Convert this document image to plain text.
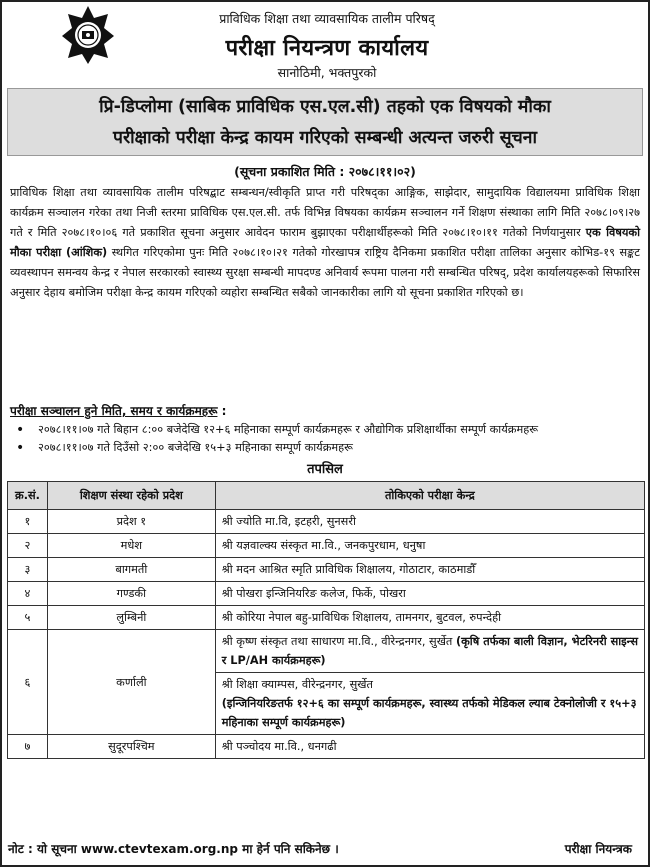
प्राविधिक शिक्षा तथा व्यावसायिक तालीम परिषद्
परीक्षा नियन्त्रण कार्यालय
सानोठिमी, भक्तपुरको
प्रि-डिप्लोमा (साबिक प्राविधिक एस.एल.सी) तहको एक विषयको मौका
परीक्षाको परीक्षा केन्द्र कायम गरिएको सम्बन्धी अत्यन्त जरुरी सूचना
(सूचना प्रकाशित मिति : २०७८।११।०२)
प्राविधिक शिक्षा तथा व्यावसायिक तालीम परिषद्बाट सम्बन्धन/स्वीकृति प्राप्त गरी परिषद्का आङ्गिक, साझेदार, सामुदायिक विद्यालयमा प्राविधिक शिक्षा कार्यक्रम सञ्चालन गरेका तथा निजी स्तरमा प्राविधिक एस.एल.सी. तर्फ विभिन्न विषयका कार्यक्रम सञ्चालन गर्ने शिक्षण संस्थाका लागि मिति २०७८।०९।२७ गते र मिति २०७८।१०।०६ गते प्रकाशित सूचना अनुसार आवेदन फाराम बुझाएका परीक्षार्थीहरूको मिति २०७८।१०।११ गतेको निर्णयानुसार एक विषयको मौका परीक्षा (आंशिक) स्थगित गरिएकोमा पुनः मिति २०७८।१०।२१ गतेको गोरखापत्र राष्ट्रिय दैनिकमा प्रकाशित परीक्षा तालिका अनुसार कोभिड-१९ सङ्कट व्यवस्थापन समन्वय केन्द्र र नेपाल सरकारको स्वास्थ्य सुरक्षा सम्बन्धी मापदण्ड अनिवार्य रूपमा पालना गरी सम्बन्धित परिषद्, प्रदेश कार्यालयहरूको सिफारिस अनुसार देहाय बमोजिम परीक्षा केन्द्र कायम गरिएको व्यहोरा सम्बन्धित सबैको जानकारीका लागि यो सूचना प्रकाशित गरिएको छ।
परीक्षा सञ्चालन हुने मिति, समय र कार्यक्रमहरू :
• २०७८।११।०७ गते बिहान ८:०० बजेदेखि १२+६ महिनाका सम्पूर्ण कार्यक्रमहरू र औद्योगिक प्रशिक्षार्थीका सम्पूर्ण कार्यक्रमहरू
• २०७८।११।०७ गते दिउँसो २:०० बजेदेखि १५+३ महिनाका सम्पूर्ण कार्यक्रमहरू
तपसिल
क्र.सं.	शिक्षण संस्था रहेको प्रदेश	तोकिएको परीक्षा केन्द्र
१	प्रदेश १	श्री ज्योति मा.वि, इटहरी, सुनसरी
२	मधेश	श्री यज्ञवाल्क्य संस्कृत मा.वि., जनकपुरधाम, धनुषा
३	बागमती	श्री मदन आश्रित स्मृति प्राविधिक शिक्षालय, गोठाटार, काठमाडौँ
४	गण्डकी	श्री पोखरा इन्जिनियरिङ कलेज, फिर्के, पोखरा
५	लुम्बिनी	श्री कोरिया नेपाल बहु-प्राविधिक शिक्षालय, तामनगर, बुटवल, रुपन्देही
६	कर्णाली	श्री कृष्ण संस्कृत तथा साधारण मा.वि., वीरेन्द्रनगर, सुर्खेत (कृषि तर्फका बाली विज्ञान, भेटरिनरी साइन्स र LP/AH कार्यक्रमहरू)

		श्री शिक्षा क्याम्पस, वीरेन्द्रनगर, सुर्खेत
(इन्जिनियरिङतर्फ १२+६ का सम्पूर्ण कार्यक्रमहरू, स्वास्थ्य तर्फको मेडिकल ल्याब टेक्नोलोजी र १५+३ महिनाका सम्पूर्ण कार्यक्रमहरू)
७	सुदूरपश्चिम	श्री पञ्चोदय मा.वि., धनगढी
नोट : यो सूचना www.ctevtexam.org.np मा हेर्न पनि सकिनेछ ।	परीक्षा नियन्त्रक
